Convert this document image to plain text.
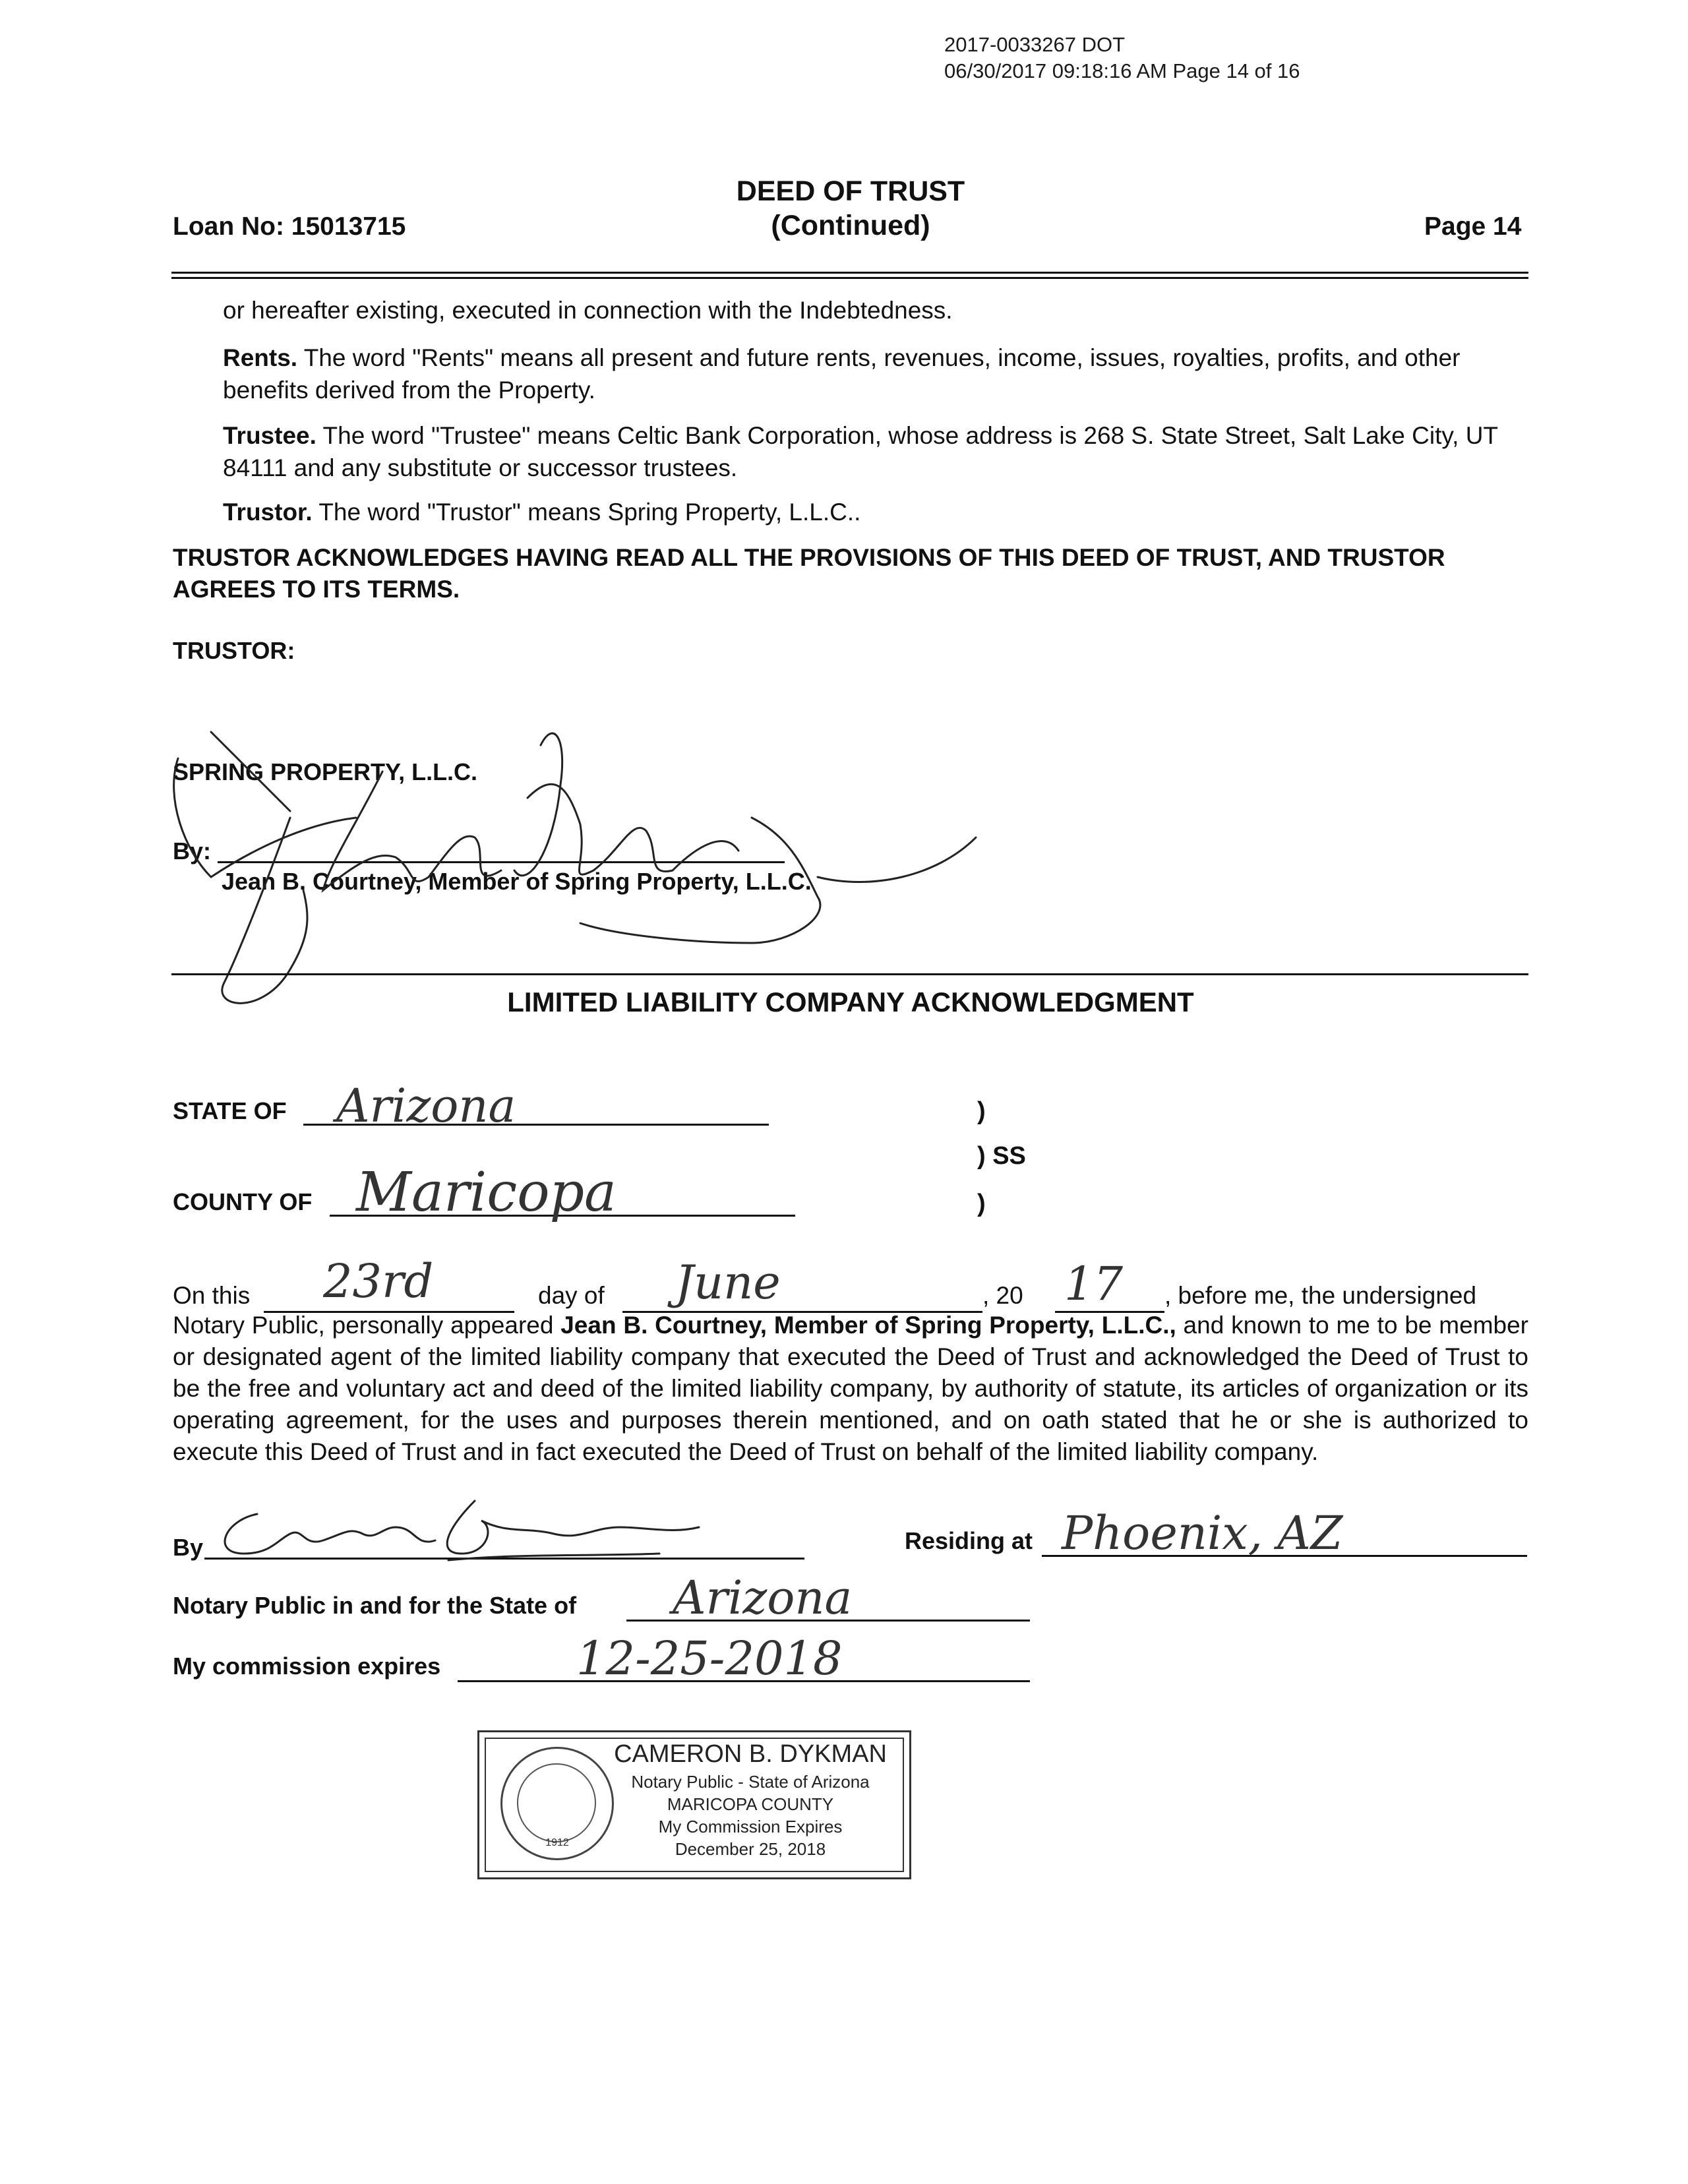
2017-0033267 DOT
06/30/2017 09:18:16 AM Page 14 of 16
Loan No: 15013715
DEED OF TRUST
(Continued)	Page 14
or hereafter existing, executed in connection with the Indebtedness.
Rents. The word "Rents" means all present and future rents, revenues, income, issues, royalties, profits, and other benefits derived from the Property.
Trustee. The word "Trustee" means Celtic Bank Corporation, whose address is 268 S. State Street, Salt Lake City, UT 84111 and any substitute or successor trustees.
Trustor. The word "Trustor" means Spring Property, L.L.C..
TRUSTOR ACKNOWLEDGES HAVING READ ALL THE PROVISIONS OF THIS DEED OF TRUST, AND TRUSTOR AGREES TO ITS TERMS.
TRUSTOR:
SPRING PROPERTY, L.L.C.
By:
Jean B. Courtney, Member of Spring Property, L.L.C.
LIMITED LIABILITY COMPANY ACKNOWLEDGMENT
STATE OF Arizona	)
) SS
COUNTY OF Maricopa	)
On this 23rd	day of June	, 20 17 , before me, the undersigned
Notary Public, personally appeared Jean B. Courtney, Member of Spring Property, L.L.C., and known to me to be member or designated agent of the limited liability company that executed the Deed of Trust and acknowledged the Deed of Trust to be the free and voluntary act and deed of the limited liability company, by authority of statute, its articles of organization or its operating agreement, for the uses and purposes therein mentioned, and on oath stated that he or she is authorized to execute this Deed of Trust and in fact executed the Deed of Trust on behalf of the limited liability company.
By	Residing at Phoenix, AZ
Notary Public in and for the State of Arizona
My commission expires	12-25-2018
1912
CAMERON B. DYKMAN
Notary Public - State of Arizona
MARICOPA COUNTY
My Commission Expires
December 25, 2018
